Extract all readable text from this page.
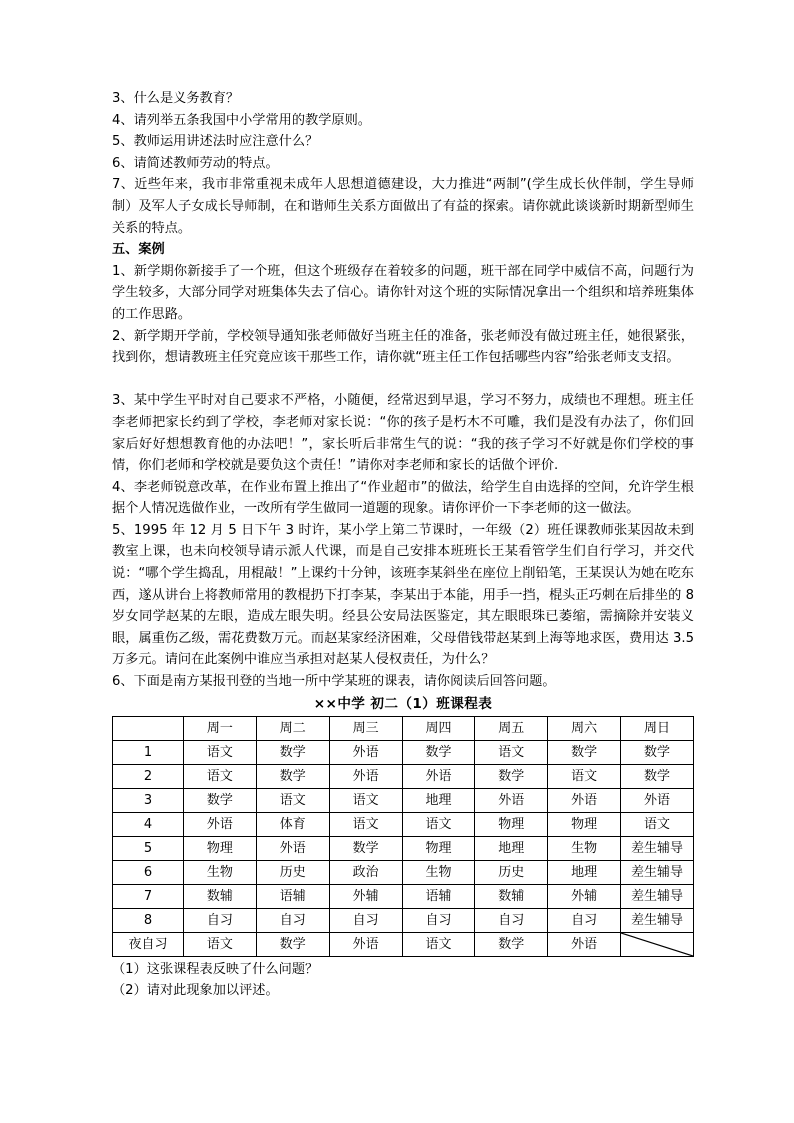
3、什么是义务教育？

4、请列举五条我国中小学常用的教学原则。

5、教师运用讲述法时应注意什么？

6、请简述教师劳动的特点。

7、近些年来，我市非常重视未成年人思想道德建设，大力推进“两制”(学生成长伙伴制，学生导师制）及军人子女成长导师制，在和谐师生关系方面做出了有益的探索。请你就此谈谈新时期新型师生关系的特点。

五、案例

1、新学期你新接手了一个班，但这个班级存在着较多的问题，班干部在同学中威信不高，问题行为学生较多，大部分同学对班集体失去了信心。请你针对这个班的实际情况拿出一个组织和培养班集体的工作思路。

2、新学期开学前，学校领导通知张老师做好当班主任的准备，张老师没有做过班主任，她很紧张，找到你，想请教班主任究竟应该干那些工作，请你就“班主任工作包括哪些内容”给张老师支支招。

3、某中学生平时对自己要求不严格，小随便，经常迟到早退，学习不努力，成绩也不理想。班主任李老师把家长约到了学校，李老师对家长说：“你的孩子是朽木不可雕，我们是没有办法了，你们回家后好好想想教育他的办法吧！”，家长听后非常生气的说：“我的孩子学习不好就是你们学校的事情，你们老师和学校就是要负这个责任！”请你对李老师和家长的话做个评价.

4、李老师锐意改革，在作业布置上推出了“作业超市”的做法，给学生自由选择的空间，允许学生根据个人情况选做作业，一改所有学生做同一道题的现象。请你评价一下李老师的这一做法。

5、1995 年 12 月 5 日下午 3 时许，某小学上第二节课时，一年级（2）班任课教师张某因故未到教室上课，也未向校领导请示派人代课，而是自己安排本班班长王某看管学生们自行学习，并交代说：“哪个学生捣乱，用棍敲！”上课约十分钟，该班李某斜坐在座位上削铅笔，王某误认为她在吃东西，遂从讲台上将教师常用的教棍扔下打李某，李某出于本能，用手一挡，棍头正巧刺在后排坐的 8 岁女同学赵某的左眼，造成左眼失明。经县公安局法医鉴定，其左眼眼珠已萎缩，需摘除并安装义眼，属重伤乙级，需花费数万元。而赵某家经济困难，父母借钱带赵某到上海等地求医，费用达 3.5 万多元。请问在此案例中谁应当承担对赵某人侵权责任，为什么？

6、下面是南方某报刊登的当地一所中学某班的课表，请你阅读后回答问题。

××中学 初二（1）班课程表
	周一	周二	周三	周四	周五	周六	周日
1	语文	数学	外语	数学	语文	数学	数学
2	语文	数学	外语	外语	数学	语文	数学
3	数学	语文	语文	地理	外语	外语	外语
4	外语	体育	语文	语文	物理	物理	语文
5	物理	外语	数学	物理	地理	生物	差生辅导
6	生物	历史	政治	生物	历史	地理	差生辅导
7	数辅	语辅	外辅	语辅	数辅	外辅	差生辅导
8	自习	自习	自习	自习	自习	自习	差生辅导
夜自习	语文	数学	外语	语文	数学	外语	

（1）这张课程表反映了什么问题？

（2）请对此现象加以评述。
